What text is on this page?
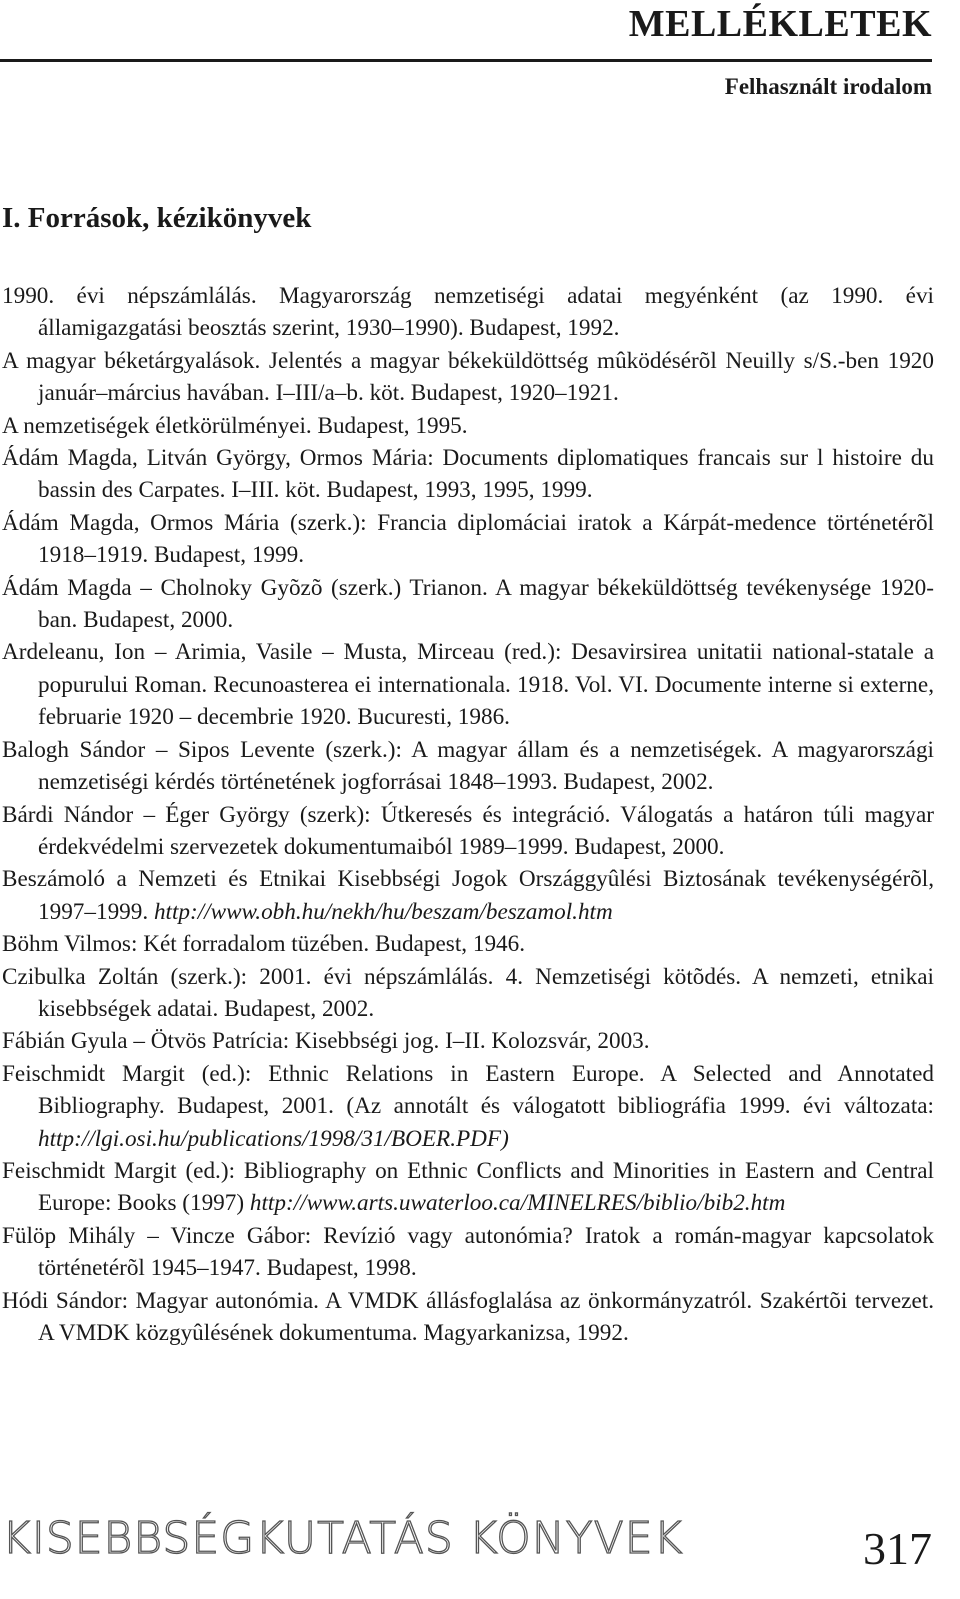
MELLÉKLETEK
Felhasznált irodalom
I. Források, kézikönyvek
1990. évi népszámlálás. Magyarország nemzetiségi adatai megyénként (az 1990. évi államigazgatási beosztás szerint, 1930–1990). Budapest, 1992.
A magyar béketárgyalások. Jelentés a magyar békeküldöttség mûködésérõl Neuilly s/S.-ben 1920 január–március havában. I–III/a–b. köt. Budapest, 1920–1921.
A nemzetiségek életkörülményei. Budapest, 1995.
Ádám Magda, Litván György, Ormos Mária: Documents diplomatiques francais sur l histoire du bassin des Carpates. I–III. köt. Budapest, 1993, 1995, 1999.
Ádám Magda, Ormos Mária (szerk.): Francia diplomáciai iratok a Kárpát-medence történetérõl 1918–1919. Budapest, 1999.
Ádám Magda – Cholnoky Gyõzõ (szerk.) Trianon. A magyar békeküldöttség tevékenysége 1920-ban. Budapest, 2000.
Ardeleanu, Ion – Arimia, Vasile – Musta, Mirceau (red.): Desavirsirea unitatii national-statale a popurului Roman. Recunoasterea ei internationala. 1918. Vol. VI. Documente interne si externe, februarie 1920 – decembrie 1920. Bucuresti, 1986.
Balogh Sándor – Sipos Levente (szerk.): A magyar állam és a nemzetiségek. A magyarországi nemzetiségi kérdés történetének jogforrásai 1848–1993. Budapest, 2002.
Bárdi Nándor – Éger György (szerk): Útkeresés és integráció. Válogatás a határon túli magyar érdekvédelmi szervezetek dokumentumaiból 1989–1999. Budapest, 2000.
Beszámoló a Nemzeti és Etnikai Kisebbségi Jogok Országgyûlési Biztosának tevékenységérõl, 1997–1999. http://www.obh.hu/nekh/hu/beszam/beszamol.htm
Böhm Vilmos: Két forradalom tüzében. Budapest, 1946.
Czibulka Zoltán (szerk.): 2001. évi népszámlálás. 4. Nemzetiségi kötõdés. A nemzeti, etnikai kisebbségek adatai. Budapest, 2002.
Fábián Gyula – Ötvös Patrícia: Kisebbségi jog. I–II. Kolozsvár, 2003.
Feischmidt Margit (ed.): Ethnic Relations in Eastern Europe. A Selected and Annotated Bibliography. Budapest, 2001. (Az annotált és válogatott bibliográfia 1999. évi változata: http://lgi.osi.hu/publications/1998/31/BOER.PDF)
Feischmidt Margit (ed.): Bibliography on Ethnic Conflicts and Minorities in Eastern and Central Europe: Books (1997) http://www.arts.uwaterloo.ca/MINELRES/biblio/bib2.htm
Fülöp Mihály – Vincze Gábor: Revízió vagy autonómia? Iratok a román-magyar kapcsolatok történetérõl 1945–1947. Budapest, 1998.
Hódi Sándor: Magyar autonómia. A VMDK állásfoglalása az önkormányzatról. Szakértõi tervezet. A VMDK közgyûlésének dokumentuma. Magyarkanizsa, 1992.
KISEBBSÉGKUTATÁS KÖNYVEK	317
